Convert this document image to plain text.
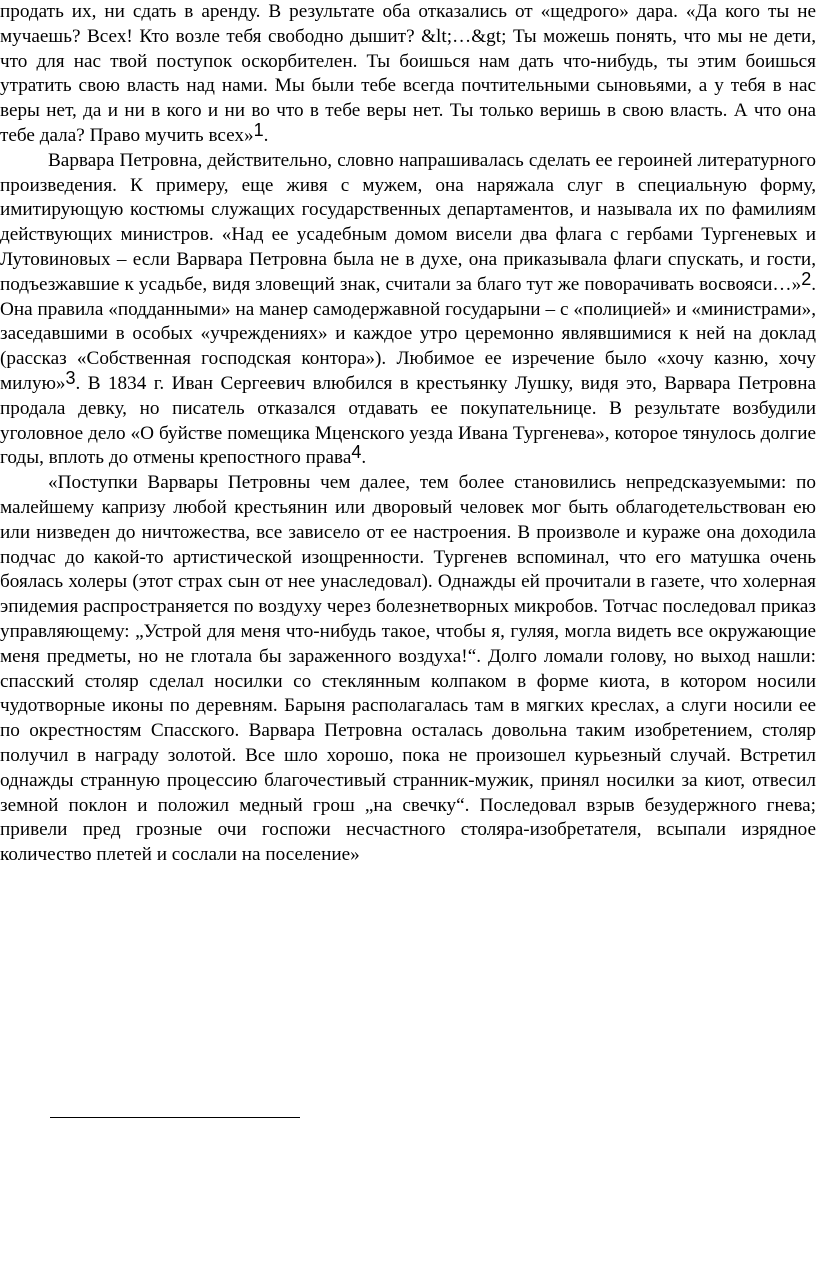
продать их, ни сдать в аренду. В результате оба отказались от «щедрого» дара. «Да кого ты не мучаешь? Всех! Кто возле тебя свободно дышит? &lt;…&gt; Ты можешь понять, что мы не дети, что для нас твой поступок оскорбителен. Ты боишься нам дать что-нибудь, ты этим боишься утратить свою власть над нами. Мы были тебе всегда почтительными сыновьями, а у тебя в нас веры нет, да и ни в кого и ни во что в тебе веры нет. Ты только веришь в свою власть. А что она тебе дала? Право мучить всех»1.

Варвара Петровна, действительно, словно напрашивалась сделать ее героиней литературного произведения. К примеру, еще живя с мужем, она наряжала слуг в специальную форму, имитирующую костюмы служащих государственных департаментов, и называла их по фамилиям действующих министров. «Над ее усадебным домом висели два флага с гербами Тургеневых и Лутовиновых – если Варвара Петровна была не в духе, она приказывала флаги спускать, и гости, подъезжавшие к усадьбе, видя зловещий знак, считали за благо тут же поворачивать восвояси…»2. Она правила «подданными» на манер самодержавной государыни – с «полицией» и «министрами», заседавшими в особых «учреждениях» и каждое утро церемонно являвшимися к ней на доклад (рассказ «Собственная господская контора»). Любимое ее изречение было «хочу казню, хочу милую»3. В 1834 г. Иван Сергеевич влюбился в крестьянку Лушку, видя это, Варвара Петровна продала девку, но писатель отказался отдавать ее покупательнице. В результате возбудили уголовное дело «О буйстве помещика Мценского уезда Ивана Тургенева», которое тянулось долгие годы, вплоть до отмены крепостного права4.

«Поступки Варвары Петровны чем далее, тем более становились непредсказуемыми: по малейшему капризу любой крестьянин или дворовый человек мог быть облагодетельствован ею или низведен до ничтожества, все зависело от ее настроения. В произволе и кураже она доходила подчас до какой-то артистической изощренности. Тургенев вспоминал, что его матушка очень боялась холеры (этот страх сын от нее унаследовал). Однажды ей прочитали в газете, что холерная эпидемия распространяется по воздуху через болезнетворных микробов. Тотчас последовал приказ управляющему: „Устрой для меня что-нибудь такое, чтобы я, гуляя, могла видеть все окружающие меня предметы, но не глотала бы зараженного воздуха!“. Долго ломали голову, но выход нашли: спасский столяр сделал носилки со стеклянным колпаком в форме киота, в котором носили чудотворные иконы по деревням. Барыня располагалась там в мягких креслах, а слуги носили ее по окрестностям Спасского. Варвара Петровна осталась довольна таким изобретением, столяр получил в награду золотой. Все шло хорошо, пока не произошел курьезный случай. Встретил однажды странную процессию благочестивый странник-мужик, принял носилки за киот, отвесил земной поклон и положил медный грош „на свечку“. Последовал взрыв безудержного гнева; привели пред грозные очи госпожи несчастного столяра-изобретателя, всыпали изрядное количество плетей и сослали на поселение»
